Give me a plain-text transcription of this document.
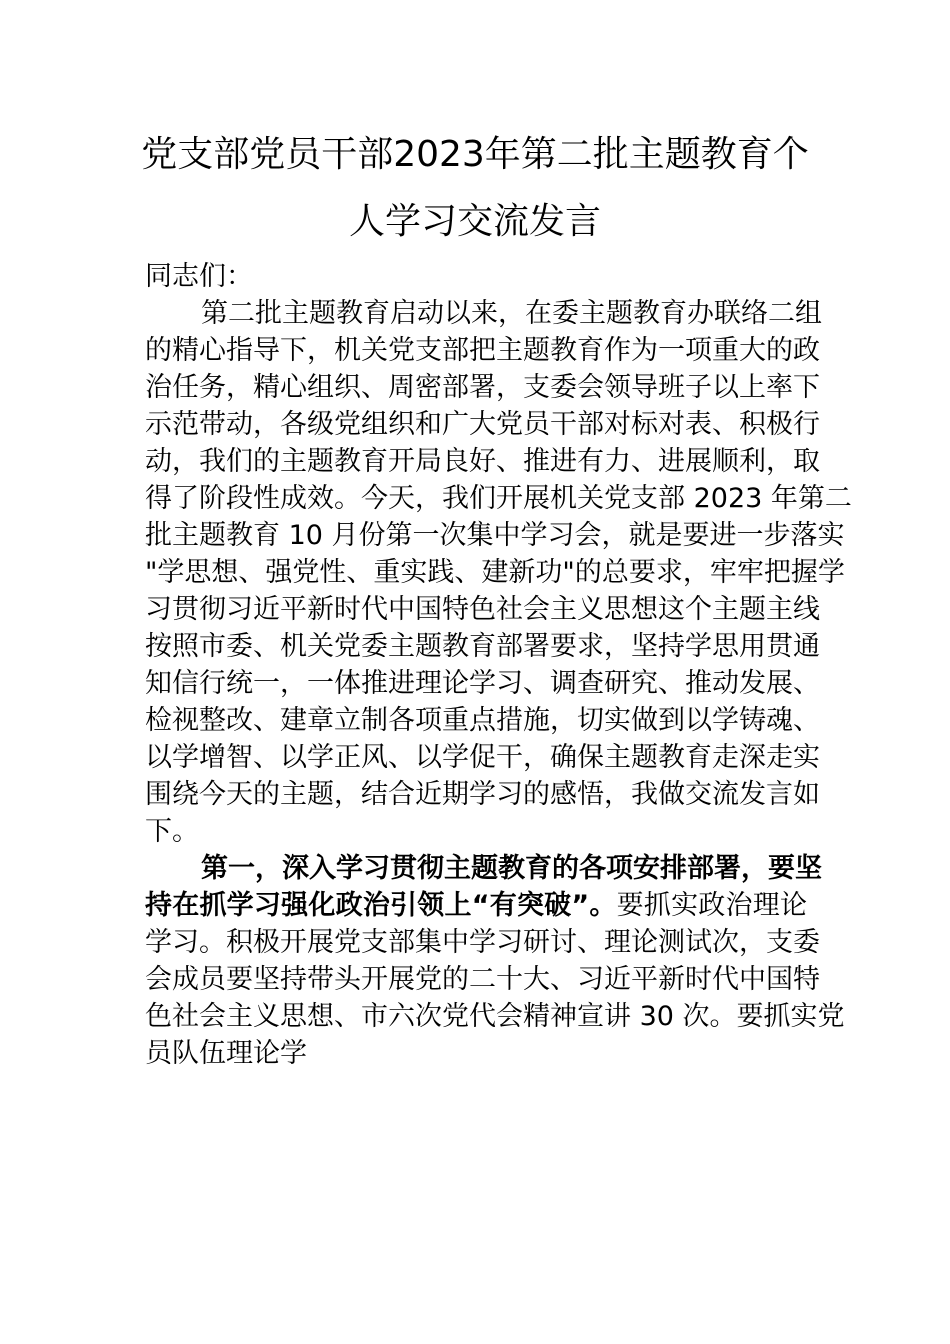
党支部党员干部2023年第二批主题教育个
人学习交流发言
同志们：
第二批主题教育启动以来，在委主题教育办联络二组
的精心指导下，机关党支部把主题教育作为一项重大的政
治任务，精心组织、周密部署，支委会领导班子以上率下
示范带动，各级党组织和广大党员干部对标对表、积极行
动，我们的主题教育开局良好、推进有力、进展顺利，取
得了阶段性成效。今天，我们开展机关党支部 2023 年第二
批主题教育 10 月份第一次集中学习会，就是要进一步落实
"学思想、强党性、重实践、建新功"的总要求，牢牢把握学
习贯彻习近平新时代中国特色社会主义思想这个主题主线
按照市委、机关党委主题教育部署要求，坚持学思用贯通
知信行统一，一体推进理论学习、调查研究、推动发展、
检视整改、建章立制各项重点措施，切实做到以学铸魂、
以学增智、以学正风、以学促干，确保主题教育走深走实
围绕今天的主题，结合近期学习的感悟，我做交流发言如
下。
第一，深入学习贯彻主题教育的各项安排部署，要坚
持在抓学习强化政治引领上“有突破”。要抓实政治理论
学习。积极开展党支部集中学习研讨、理论测试次，支委
会成员要坚持带头开展党的二十大、习近平新时代中国特
色社会主义思想、市六次党代会精神宣讲 30 次。要抓实党
员队伍理论学
